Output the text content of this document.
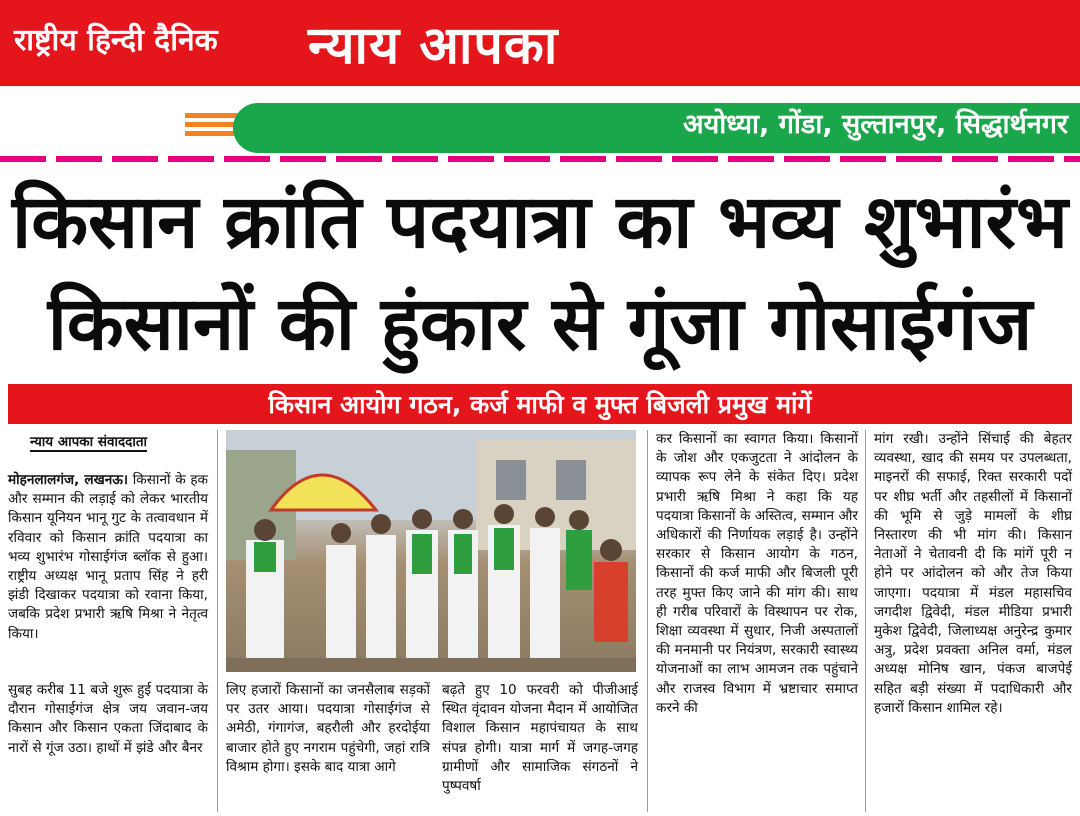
राष्ट्रीय हिन्दी दैनिक न्याय आपका
अयोध्या, गोंडा, सुल्तानपुर, सिद्धार्थनगर
किसान क्रांति पदयात्रा का भव्य शुभारंभ
किसानों की हुंकार से गूंजा गोसाईगंज
किसान आयोग गठन, कर्ज माफी व मुफ्त बिजली प्रमुख मांगें
न्याय आपका संवाददाता

मोहनलालगंज, लखनऊ। किसानों के हक और सम्मान की लड़ाई को लेकर भारतीय किसान यूनियन भानू गुट के तत्वावधान में रविवार को किसान क्रांति पदयात्रा का भव्य शुभारंभ गोसाईगंज ब्लॉक से हुआ। राष्ट्रीय अध्यक्ष भानू प्रताप सिंह ने हरी झंडी दिखाकर पदयात्रा को रवाना किया, जबकि प्रदेश प्रभारी ऋषि मिश्रा ने नेतृत्व किया।

सुबह करीब 11 बजे शुरू हुई पदयात्रा के दौरान गोसाईगंज क्षेत्र जय जवान-जय किसान और किसान एकता जिंदाबाद के नारों से गूंज उठा। हाथों में झंडे और बैनर

लिए हजारों किसानों का जनसैलाब सड़कों पर उतर आया। पदयात्रा गोसाईगंज से अमेठी, गंगागंज, बहरौली और हरदोईया बाजार होते हुए नगराम पहुंचेगी, जहां रात्रि विश्राम होगा। इसके बाद यात्रा आगे

बढ़ते हुए 10 फरवरी को पीजीआई स्थित वृंदावन योजना मैदान में आयोजित विशाल किसान महापंचायत के साथ संपन्न होगी। यात्रा मार्ग में जगह-जगह ग्रामीणों और सामाजिक संगठनों ने पुष्पवर्षा

कर किसानों का स्वागत किया। किसानों के जोश और एकजुटता ने आंदोलन के व्यापक रूप लेने के संकेत दिए। प्रदेश प्रभारी ऋषि मिश्रा ने कहा कि यह पदयात्रा किसानों के अस्तित्व, सम्मान और अधिकारों की निर्णायक लड़ाई है। उन्होंने सरकार से किसान आयोग के गठन, किसानों की कर्ज माफी और बिजली पूरी तरह मुफ्त किए जाने की मांग की। साथ ही गरीब परिवारों के विस्थापन पर रोक, शिक्षा व्यवस्था में सुधार, निजी अस्पतालों की मनमानी पर नियंत्रण, सरकारी स्वास्थ्य योजनाओं का लाभ आमजन तक पहुंचाने और राजस्व विभाग में भ्रष्टाचार समाप्त करने की

मांग रखी। उन्होंने सिंचाई की बेहतर व्यवस्था, खाद की समय पर उपलब्धता, माइनरों की सफाई, रिक्त सरकारी पदों पर शीघ्र भर्ती और तहसीलों में किसानों की भूमि से जुड़े मामलों के शीघ्र निस्तारण की भी मांग की। किसान नेताओं ने चेतावनी दी कि मांगें पूरी न होने पर आंदोलन को और तेज किया जाएगा। पदयात्रा में मंडल महासचिव जगदीश द्विवेदी, मंडल मीडिया प्रभारी मुकेश द्विवेदी, जिलाध्यक्ष अनुरेन्द्र कुमार अत्रु, प्रदेश प्रवक्ता अनिल वर्मा, मंडल अध्यक्ष मोनिष खान, पंकज बाजपेई सहित बड़ी संख्या में पदाधिकारी और हजारों किसान शामिल रहे।
